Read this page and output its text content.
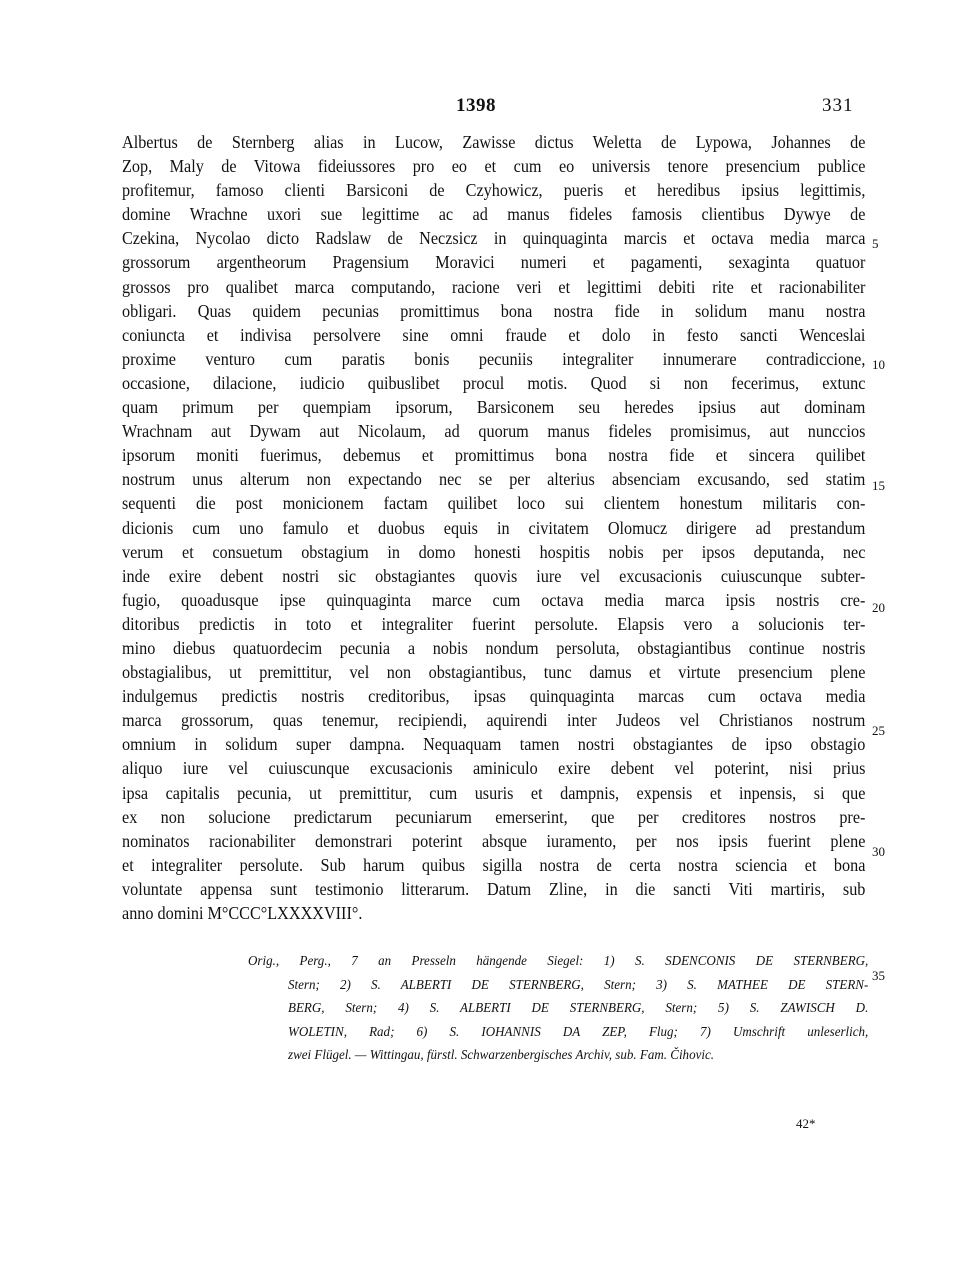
1398	331
Albertus de Sternberg alias in Lucow, Zawisse dictus Weletta de Lypowa, Johannes de
Zop, Maly de Vitowa fideiussores pro eo et cum eo universis tenore presencium publice
profitemur, famoso clienti Barsiconi de Czyhowicz, pueris et heredibus ipsius legittimis,
domine Wrachne uxori sue legittime ac ad manus fideles famosis clientibus Dywye de
Czekina, Nycolao dicto Radslaw de Neczsicz in quinquaginta marcis et octava media marca
grossorum argentheorum Pragensium Moravici numeri et pagamenti, sexaginta quatuor
grossos pro qualibet marca computando, racione veri et legittimi debiti rite et racionabiliter
obligari. Quas quidem pecunias promittimus bona nostra fide in solidum manu nostra
coniuncta et indivisa persolvere sine omni fraude et dolo in festo sancti Wenceslai
proxime venturo cum paratis bonis pecuniis integraliter innumerare contradiccione,
occasione, dilacione, iudicio quibuslibet procul motis. Quod si non fecerimus, extunc
quam primum per quempiam ipsorum, Barsiconem seu heredes ipsius aut dominam
Wrachnam aut Dywam aut Nicolaum, ad quorum manus fideles promisimus, aut nunccios
ipsorum moniti fuerimus, debemus et promittimus bona nostra fide et sincera quilibet
nostrum unus alterum non expectando nec se per alterius absenciam excusando, sed statim
sequenti die post monicionem factam quilibet loco sui clientem honestum militaris con-
dicionis cum uno famulo et duobus equis in civitatem Olomucz dirigere ad prestandum
verum et consuetum obstagium in domo honesti hospitis nobis per ipsos deputanda, nec
inde exire debent nostri sic obstagiantes quovis iure vel excusacionis cuiuscunque subter-
fugio, quoadusque ipse quinquaginta marce cum octava media marca ipsis nostris cre-
ditoribus predictis in toto et integraliter fuerint persolute. Elapsis vero a solucionis ter-
mino diebus quatuordecim pecunia a nobis nondum persoluta, obstagiantibus continue nostris
obstagialibus, ut premittitur, vel non obstagiantibus, tunc damus et virtute presencium plene
indulgemus predictis nostris creditoribus, ipsas quinquaginta marcas cum octava media
marca grossorum, quas tenemur, recipiendi, aquirendi inter Judeos vel Christianos nostrum
omnium in solidum super dampna. Nequaquam tamen nostri obstagiantes de ipso obstagio
aliquo iure vel cuiuscunque excusacionis aminiculo exire debent vel poterint, nisi prius
ipsa capitalis pecunia, ut premittitur, cum usuris et dampnis, expensis et inpensis, si que
ex non solucione predictarum pecuniarum emerserint, que per creditores nostros pre-
nominatos racionabiliter demonstrari poterint absque iuramento, per nos ipsis fuerint plene
et integraliter persolute. Sub harum quibus sigilla nostra de certa nostra sciencia et bona
voluntate appensa sunt testimonio litterarum. Datum Zline, in die sancti Viti martiris, sub
anno domini M°CCC°LXXXXVIII°.
5
10
15
20
25
30
35
Orig., Perg., 7 an Presseln hängende Siegel: 1) S. SDENCONIS DE STERNBERG,
Stern; 2) S. ALBERTI DE STERNBERG, Stern; 3) S. MATHEE DE STERN-
BERG, Stern; 4) S. ALBERTI DE STERNBERG, Stern; 5) S. ZAWISCH D.
WOLETIN, Rad; 6) S. IOHANNIS DA ZEP, Flug; 7) Umschrift unleserlich,
zwei Flügel. — Wittingau, fürstl. Schwarzenbergisches Archiv, sub. Fam. Čihovic.
42*
